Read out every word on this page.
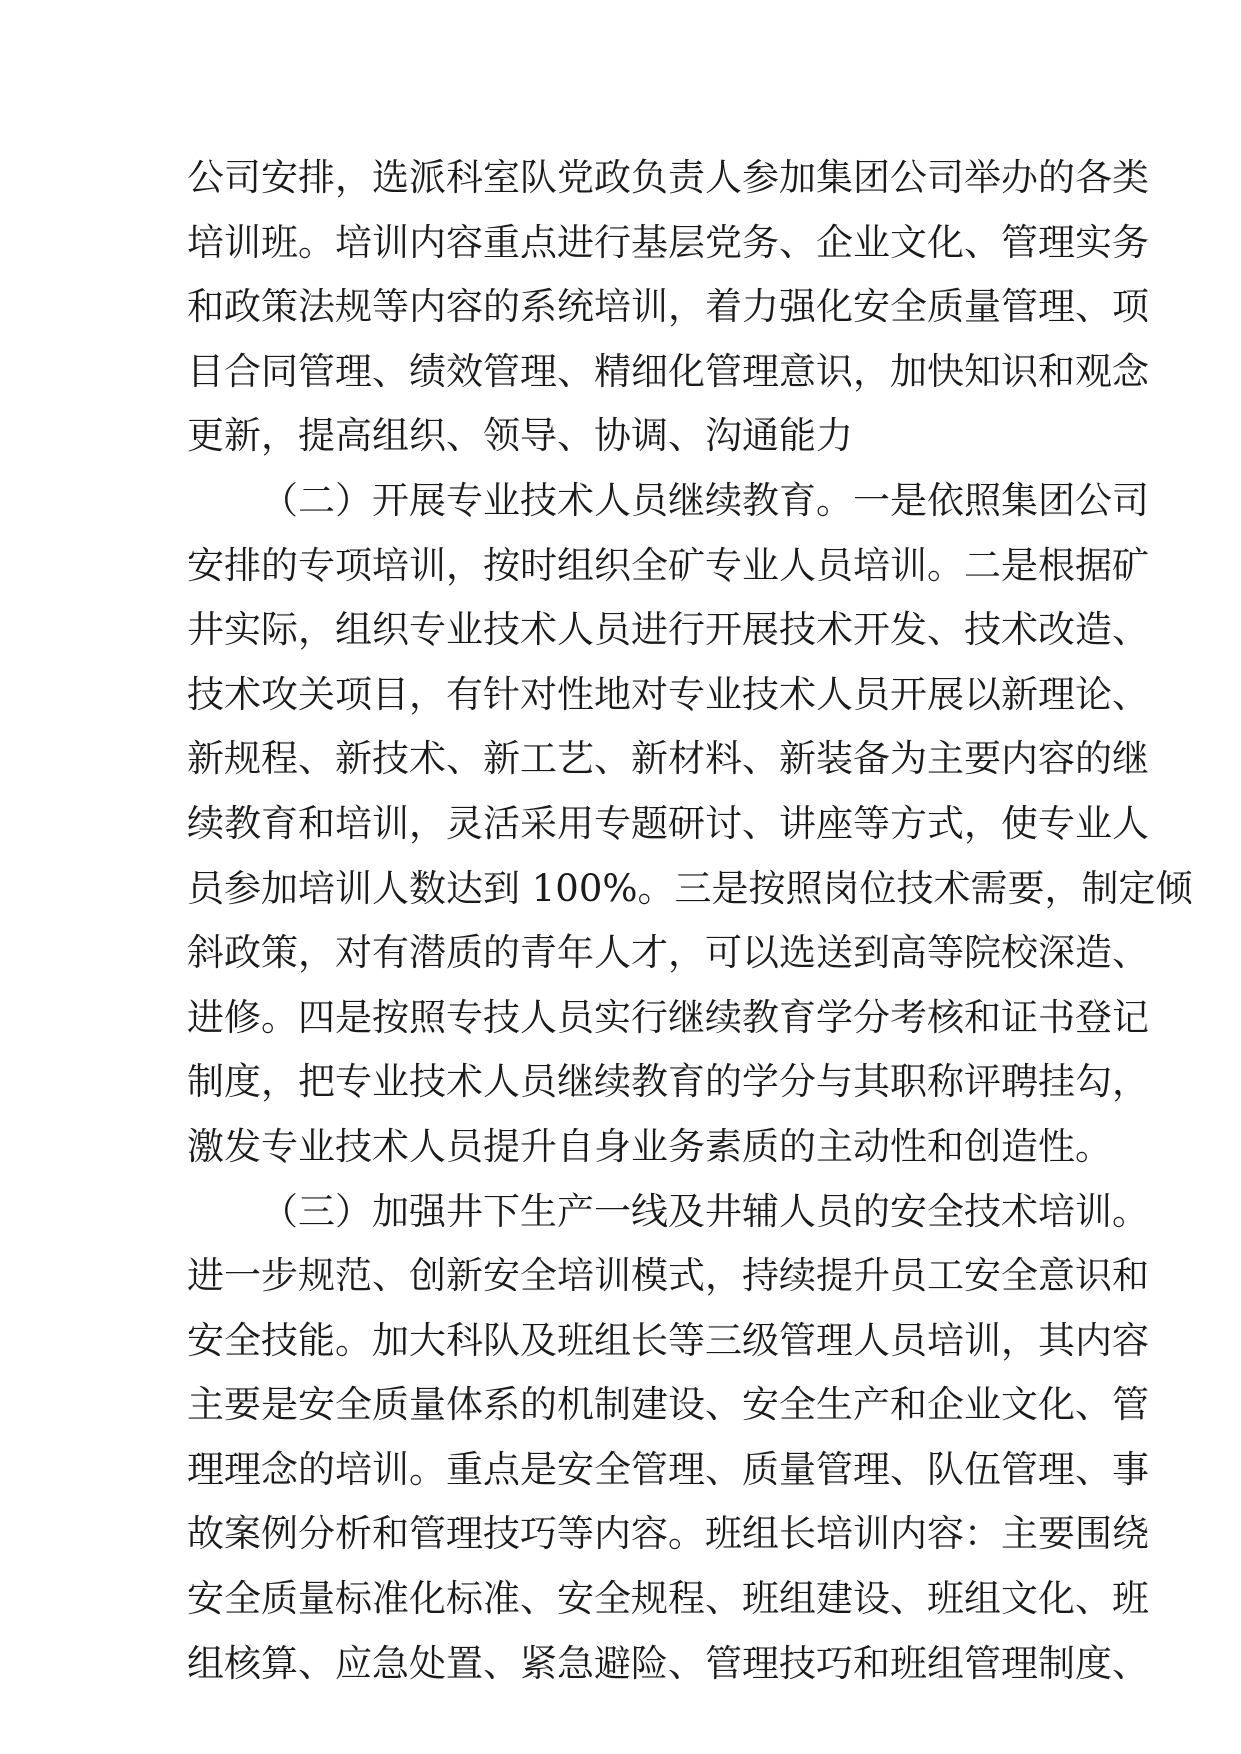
公司安排，选派科室队党政负责人参加集团公司举办的各类
培训班。培训内容重点进行基层党务、企业文化、管理实务
和政策法规等内容的系统培训，着力强化安全质量管理、项
目合同管理、绩效管理、精细化管理意识，加快知识和观念
更新，提高组织、领导、协调、沟通能力
（二）开展专业技术人员继续教育。一是依照集团公司
安排的专项培训，按时组织全矿专业人员培训。二是根据矿
井实际，组织专业技术人员进行开展技术开发、技术改造、
技术攻关项目，有针对性地对专业技术人员开展以新理论、
新规程、新技术、新工艺、新材料、新装备为主要内容的继
续教育和培训，灵活采用专题研讨、讲座等方式，使专业人
员参加培训人数达到 100%。三是按照岗位技术需要，制定倾
斜政策，对有潜质的青年人才，可以选送到高等院校深造、
进修。四是按照专技人员实行继续教育学分考核和证书登记
制度，把专业技术人员继续教育的学分与其职称评聘挂勾，
激发专业技术人员提升自身业务素质的主动性和创造性。
（三）加强井下生产一线及井辅人员的安全技术培训。
进一步规范、创新安全培训模式，持续提升员工安全意识和
安全技能。加大科队及班组长等三级管理人员培训，其内容
主要是安全质量体系的机制建设、安全生产和企业文化、管
理理念的培训。重点是安全管理、质量管理、队伍管理、事
故案例分析和管理技巧等内容。班组长培训内容：主要围绕
安全质量标准化标准、安全规程、班组建设、班组文化、班
组核算、应急处置、紧急避险、管理技巧和班组管理制度、
